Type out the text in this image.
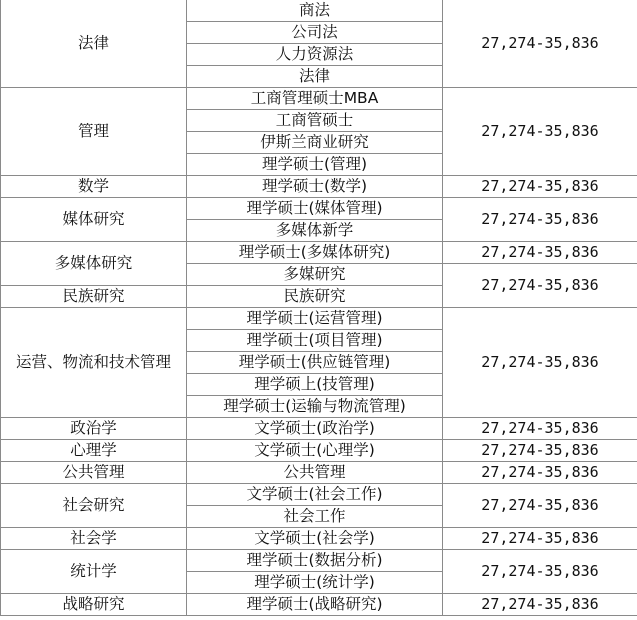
法律	商法	27,274-35,836
	公司法	
	人力资源法	
	法律	
管理	工商管理硕士MBA	27,274-35,836
	工商管硕士	
	伊斯兰商业研究	
	理学硕士(管理)	
数学	理学硕士(数学)	27,274-35,836
媒体研究	理学硕士(媒体管理)	27,274-35,836
	多媒体新学	
多媒体研究	理学硕士(多媒体研究)	27,274-35,836
	多媒研究	27,274-35,836
民族研究	民族研究	
运营、物流和技术管理	理学硕士(运营管理)	27,274-35,836
	理学硕士(项目管理)	
	理学硕士(供应链管理)	
	理学硕上(技管理)	
	理学硕士(运输与物流管理)	
政治学	文学硕士(政治学)	27,274-35,836
心理学	文学硕士(心理学)	27,274-35,836
公共管理	公共管理	27,274-35,836
社会研究	文学硕士(社会工作)	27,274-35,836
	社会工作	
社会学	文学硕士(社会学)	27,274-35,836
统计学	理学硕士(数据分析)	27,274-35,836
	理学硕士(统计学)	
战略研究	理学硕士(战略研究)	27,274-35,836
